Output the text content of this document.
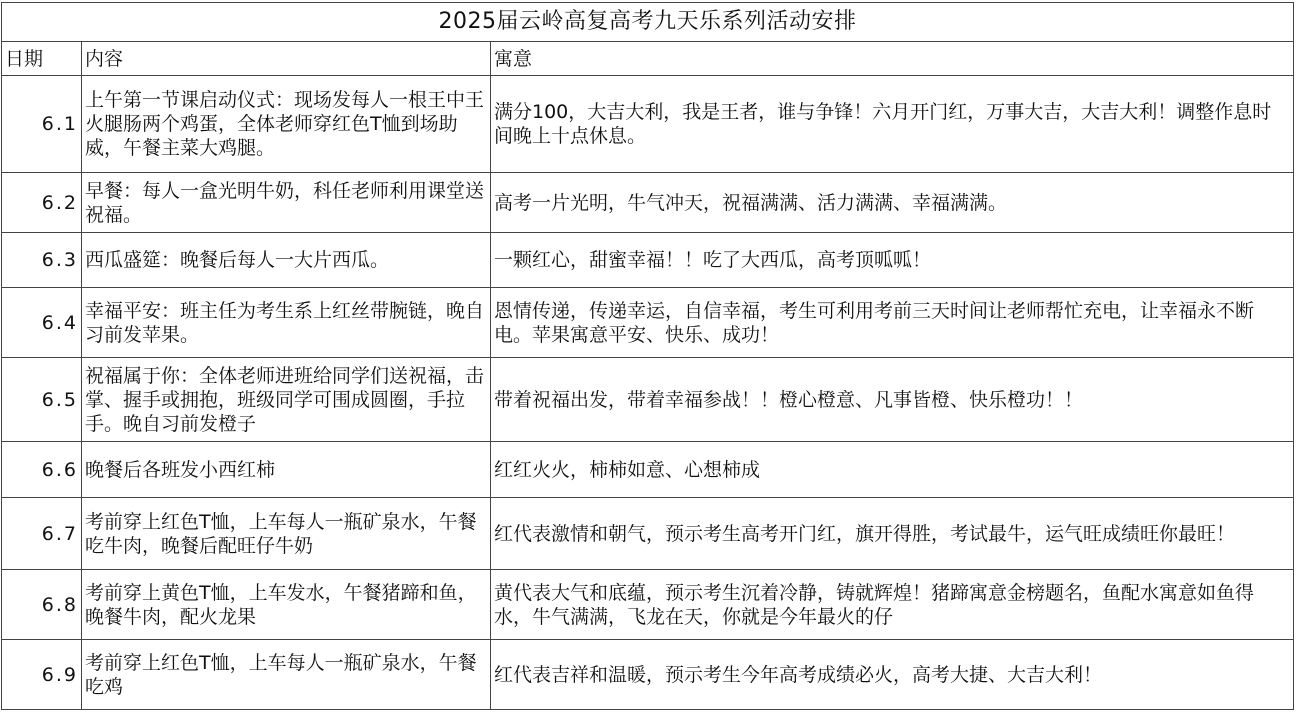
2025届云岭高复高考九天乐系列活动安排		
日期	内容	寓意
6.1	上午第一节课启动仪式：现场发每人一根王中王火腿肠两个鸡蛋，全体老师穿红色T恤到场助威，午餐主菜大鸡腿。	满分100，大吉大利，我是王者，谁与争锋！六月开门红，万事大吉，大吉大利！调整作息时间晚上十点休息。
6.2	早餐：每人一盒光明牛奶，科任老师利用课堂送祝福。	高考一片光明，牛气冲天，祝福满满、活力满满、幸福满满。
6.3	西瓜盛筵：晚餐后每人一大片西瓜。	一颗红心，甜蜜幸福！！吃了大西瓜，高考顶呱呱！
6.4	幸福平安：班主任为考生系上红丝带腕链，晚自习前发苹果。	恩情传递，传递幸运，自信幸福，考生可利用考前三天时间让老师帮忙充电，让幸福永不断电。苹果寓意平安、快乐、成功！
6.5	祝福属于你：全体老师进班给同学们送祝福，击掌、握手或拥抱，班级同学可围成圆圈，手拉手。晚自习前发橙子	带着祝福出发，带着幸福参战！！橙心橙意、凡事皆橙、快乐橙功！！
6.6	晚餐后各班发小西红柿	红红火火，柿柿如意、心想柿成
6.7	考前穿上红色T恤，上车每人一瓶矿泉水，午餐吃牛肉，晚餐后配旺仔牛奶	红代表激情和朝气，预示考生高考开门红，旗开得胜，考试最牛，运气旺成绩旺你最旺！
6.8	考前穿上黄色T恤，上车发水，午餐猪蹄和鱼，晚餐牛肉，配火龙果	黄代表大气和底蕴，预示考生沉着冷静，铸就辉煌！猪蹄寓意金榜题名，鱼配水寓意如鱼得水，牛气满满，飞龙在天，你就是今年最火的仔
6.9	考前穿上红色T恤，上车每人一瓶矿泉水，午餐吃鸡	红代表吉祥和温暖，预示考生今年高考成绩必火，高考大捷、大吉大利！
